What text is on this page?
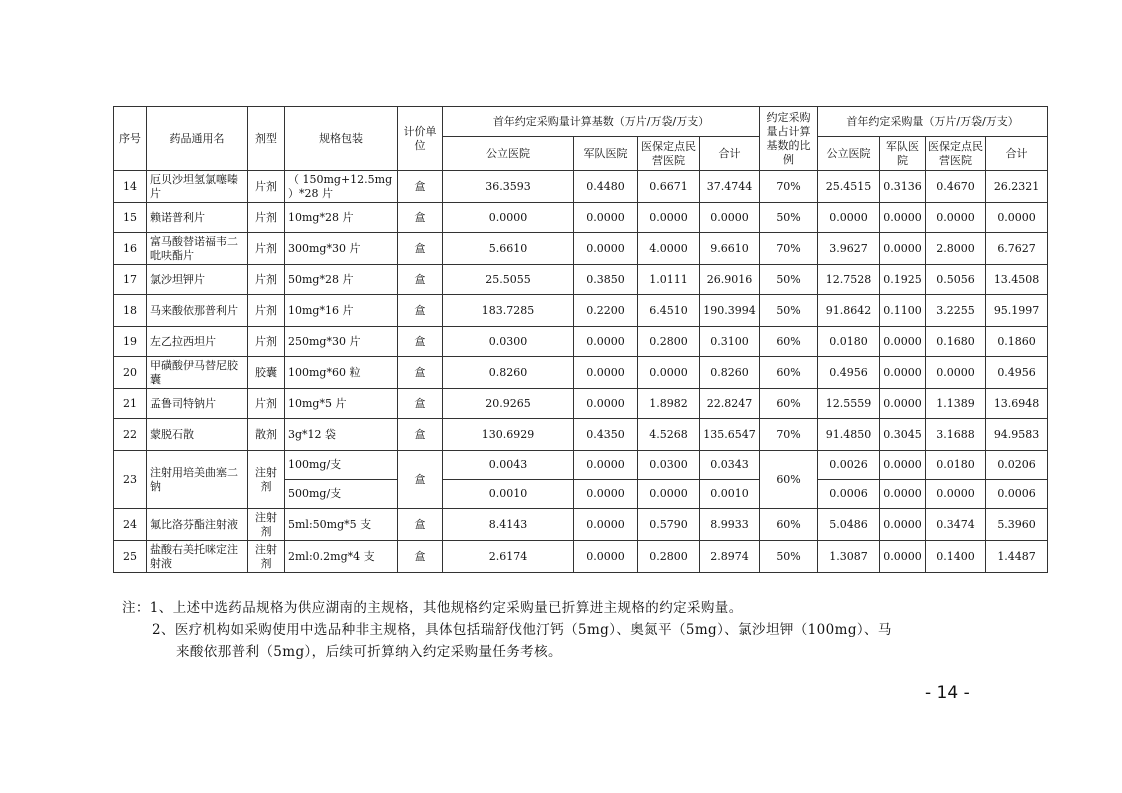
序号	药品通用名	剂型	规格包装	计价单位	首年约定采购量计算基数（万片/万袋/万支）				约定采购量占计算基数的比例	首年约定采购量（万片/万袋/万支）			
					公立医院	军队医院	医保定点民营医院	合计		公立医院	军队医院	医保定点民营医院	合计
14	厄贝沙坦氢氯噻嗪片	片剂	（ 150mg+12.5mg ）*28 片	盒	36.3593	0.4480	0.6671	37.4744	70%	25.4515	0.3136	0.4670	26.2321
15	赖诺普利片	片剂	10mg*28 片	盒	0.0000	0.0000	0.0000	0.0000	50%	0.0000	0.0000	0.0000	0.0000
16	富马酸替诺福韦二吡呋酯片	片剂	300mg*30 片	盒	5.6610	0.0000	4.0000	9.6610	70%	3.9627	0.0000	2.8000	6.7627
17	氯沙坦钾片	片剂	50mg*28 片	盒	25.5055	0.3850	1.0111	26.9016	50%	12.7528	0.1925	0.5056	13.4508
18	马来酸依那普利片	片剂	10mg*16 片	盒	183.7285	0.2200	6.4510	190.3994	50%	91.8642	0.1100	3.2255	95.1997
19	左乙拉西坦片	片剂	250mg*30 片	盒	0.0300	0.0000	0.2800	0.3100	60%	0.0180	0.0000	0.1680	0.1860
20	甲磺酸伊马替尼胶囊	胶囊	100mg*60 粒	盒	0.8260	0.0000	0.0000	0.8260	60%	0.4956	0.0000	0.0000	0.4956
21	孟鲁司特钠片	片剂	10mg*5 片	盒	20.9265	0.0000	1.8982	22.8247	60%	12.5559	0.0000	1.1389	13.6948
22	蒙脱石散	散剂	3g*12 袋	盒	130.6929	0.4350	4.5268	135.6547	70%	91.4850	0.3045	3.1688	94.9583
23	注射用培美曲塞二钠	注射剂	100mg/支	盒	0.0043	0.0000	0.0300	0.0343	60%	0.0026	0.0000	0.0180	0.0206
			500mg/支		0.0010	0.0000	0.0000	0.0010		0.0006	0.0000	0.0000	0.0006
24	氟比洛芬酯注射液	注射剂	5ml:50mg*5 支	盒	8.4143	0.0000	0.5790	8.9933	60%	5.0486	0.0000	0.3474	5.3960
25	盐酸右美托咪定注射液	注射剂	2ml:0.2mg*4 支	盒	2.6174	0.0000	0.2800	2.8974	50%	1.3087	0.0000	0.1400	1.4487
注：1、上述中选药品规格为供应湖南的主规格，其他规格约定采购量已折算进主规格的约定采购量。
2、医疗机构如采购使用中选品种非主规格，具体包括瑞舒伐他汀钙（5mg）、奥氮平（5mg）、氯沙坦钾（100mg）、马
来酸依那普利（5mg），后续可折算纳入约定采购量任务考核。
- 14 -
